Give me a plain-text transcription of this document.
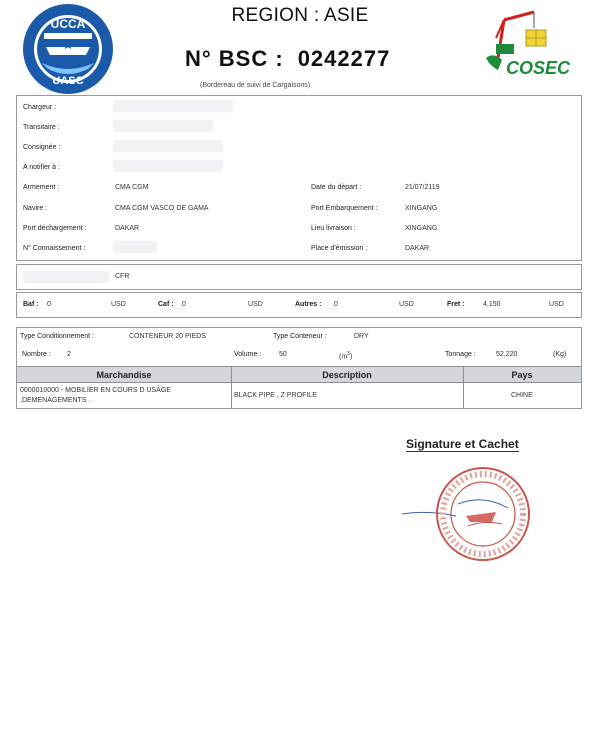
UCCA
UASC
COSEC
REGION : ASIE
N° BSC : 0242277
(Bordereau de suivi de Cargaisons)
Chargeur :
Transitaire :
Consignée :
A notifier à :
Armement :	CMA CGM
Navire :	CMA CGM VASCO DE GAMA
Port déchargement :	DAKAR
N° Connaissement :
Date du départ :	21/07/2119
Port Embarquement :	XINGANG
Lieu livraison :	XINGANG
Place d'émission :	DAKAR
CFR
Baf : 0	USD	Caf : 0	USD	Autres : 0	USD	Fret :	4,150	USD
Type Conditionnement :	CONTENEUR 20 PIEDS	Type Conteneur :	DRY
Nombre : 2	Volume :	50	$(m^3)$	Tonnage :	52,220	(Kg)
Marchandise	Description	Pays
0000010000 - MOBILIER EN COURS D USAGE
,DEMENAGEMENTS .
BLACK PIPE , Z PROFILE	CHINE
Signature et Cachet
